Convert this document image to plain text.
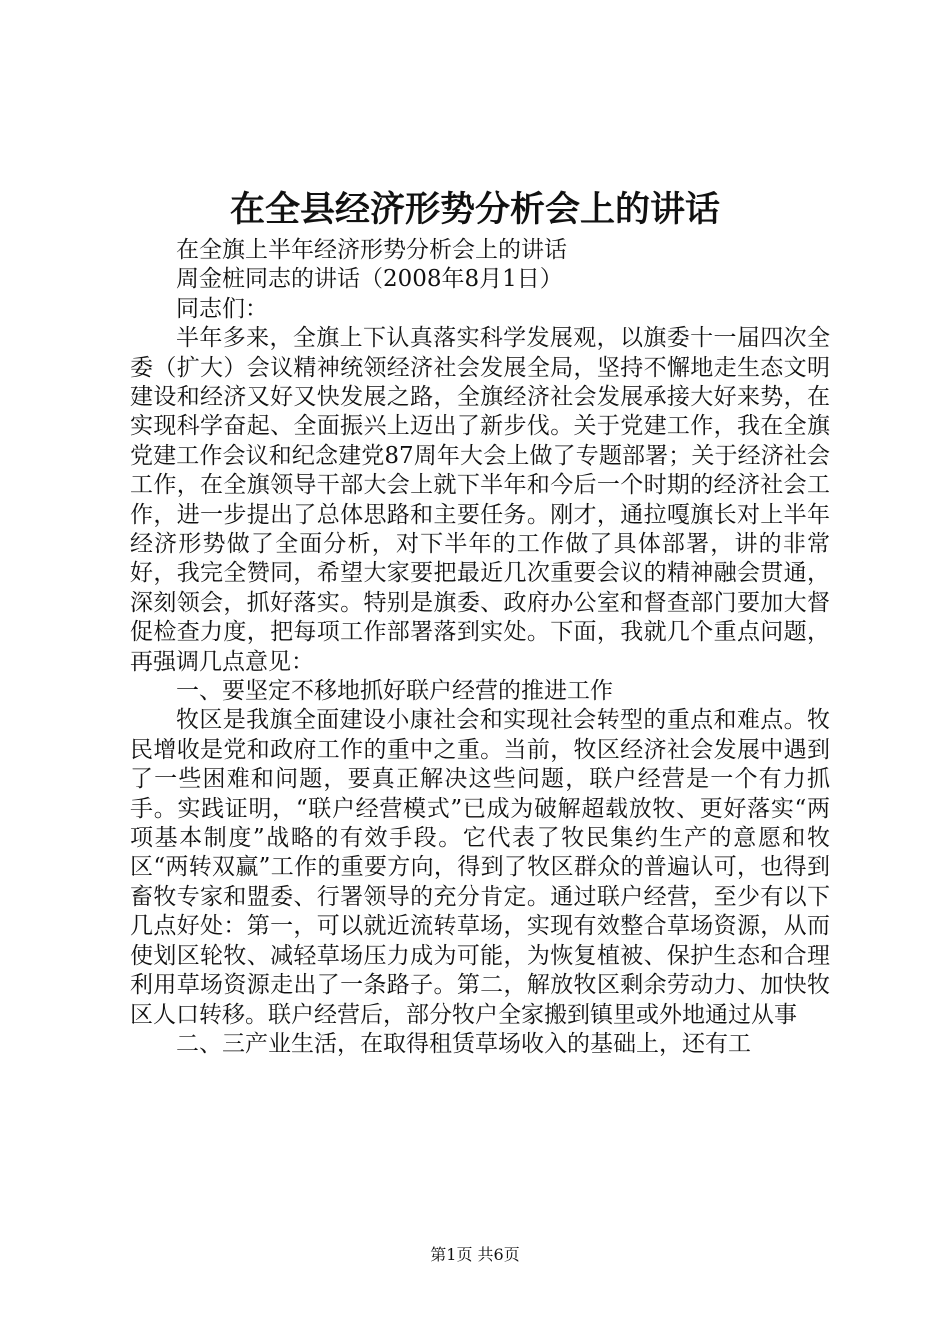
在全县经济形势分析会上的讲话
在全旗上半年经济形势分析会上的讲话
周金桩同志的讲话（2008年8月1日）
同志们：
半年多来，全旗上下认真落实科学发展观，以旗委十一届四次全委（扩大）会议精神统领经济社会发展全局，坚持不懈地走生态文明建设和经济又好又快发展之路，全旗经济社会发展承接大好来势，在实现科学奋起、全面振兴上迈出了新步伐。关于党建工作，我在全旗党建工作会议和纪念建党87周年大会上做了专题部署；关于经济社会工作，在全旗领导干部大会上就下半年和今后一个时期的经济社会工作，进一步提出了总体思路和主要任务。刚才，通拉嘎旗长对上半年经济形势做了全面分析，对下半年的工作做了具体部署，讲的非常好，我完全赞同，希望大家要把最近几次重要会议的精神融会贯通，深刻领会，抓好落实。特别是旗委、政府办公室和督查部门要加大督促检查力度，把每项工作部署落到实处。下面，我就几个重点问题，再强调几点意见：
一、要坚定不移地抓好联户经营的推进工作
牧区是我旗全面建设小康社会和实现社会转型的重点和难点。牧民增收是党和政府工作的重中之重。当前，牧区经济社会发展中遇到了一些困难和问题，要真正解决这些问题，联户经营是一个有力抓手。实践证明，“联户经营模式”已成为破解超载放牧、更好落实“两项基本制度”战略的有效手段。它代表了牧民集约生产的意愿和牧区“两转双赢”工作的重要方向，得到了牧区群众的普遍认可，也得到畜牧专家和盟委、行署领导的充分肯定。通过联户经营，至少有以下几点好处：第一，可以就近流转草场，实现有效整合草场资源，从而使划区轮牧、减轻草场压力成为可能，为恢复植被、保护生态和合理利用草场资源走出了一条路子。第二，解放牧区剩余劳动力、加快牧区人口转移。联户经营后，部分牧户全家搬到镇里或外地通过从事
二、三产业生活，在取得租赁草场收入的基础上，还有工
第1页 共6页
